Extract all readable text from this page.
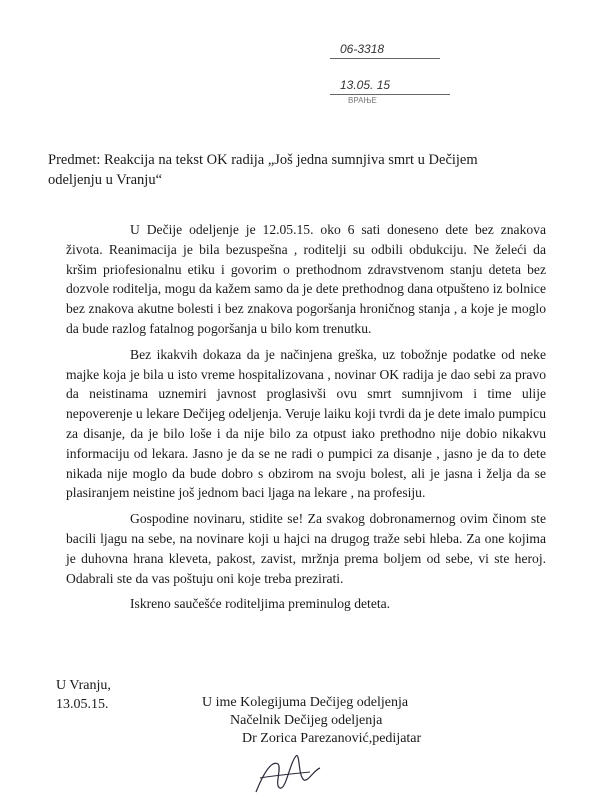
06-3318
13.05. 15
ВРАЊЕ
Predmet: Reakcija na tekst OK radija „Još jedna sumnjiva smrt u Dečijem
odeljenju u Vranju“

U Dečije odeljenje je 12.05.15. oko 6 sati doneseno dete bez znakova života. Reanimacija je bila bezuspešna , roditelji su odbili obdukciju. Ne želeći da kršim priofesionalnu etiku i govorim o prethodnom zdravstvenom stanju deteta bez dozvole roditelja, mogu da kažem samo da je dete prethodnog dana otpušteno iz bolnice bez znakova akutne bolesti i bez znakova pogoršanja hroničnog stanja , a koje je moglo da bude razlog fatalnog pogoršanja u bilo kom trenutku.

Bez ikakvih dokaza da je načinjena greška, uz tobožnje podatke od neke majke koja je bila u isto vreme hospitalizovana , novinar OK radija je dao sebi za pravo da neistinama uznemiri javnost proglasivši ovu smrt sumnjivom i time ulije nepoverenje u lekare Dečijeg odeljenja. Veruje laiku koji tvrdi da je dete imalo pumpicu za disanje, da je bilo loše i da nije bilo za otpust iako prethodno nije dobio nikakvu informaciju od lekara. Jasno je da se ne radi o pumpici za disanje , jasno je da to dete nikada nije moglo da bude dobro s obzirom na svoju bolest, ali je jasna i želja da se plasiranjem neistine još jednom baci ljaga na lekare , na profesiju.

Gospodine novinaru, stidite se! Za svakog dobronamernog ovim činom ste bacili ljagu na sebe, na novinare koji u hajci na drugog traže sebi hleba. Za one kojima je duhovna hrana kleveta, pakost, zavist, mržnja prema boljem od sebe, vi ste heroj. Odabrali ste da vas poštuju oni koje treba prezirati.

Iskreno saučešće roditeljima preminulog deteta.

U Vranju,
13.05.15.	U ime Kolegijuma Dečijeg odeljenja
Načelnik Dečijeg odeljenja
Dr Zorica Parezanović,pedijatar
